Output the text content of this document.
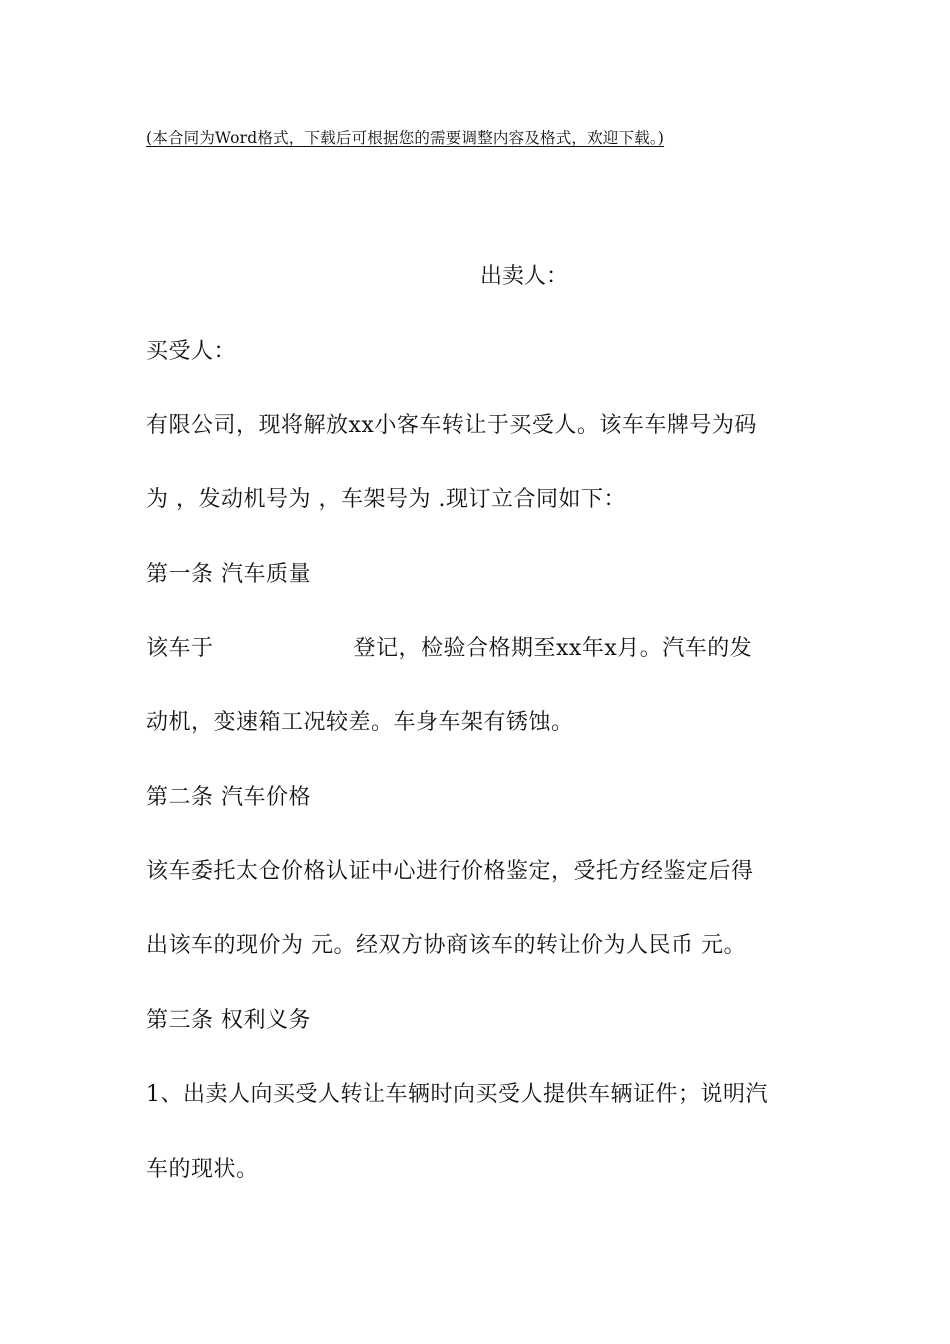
(本合同为Word格式，下载后可根据您的需要调整内容及格式，欢迎下载。)
出卖人：
买受人：
有限公司，现将解放xx小客车转让于买受人。该车车牌号为码
为 ，发动机号为 ，车架号为 .现订立合同如下：
第一条 汽车质量
该车于	登记，检验合格期至xx年x月。汽车的发
动机，变速箱工况较差。车身车架有锈蚀。
第二条 汽车价格
该车委托太仓价格认证中心进行价格鉴定，受托方经鉴定后得
出该车的现价为 元。经双方协商该车的转让价为人民币 元。
第三条 权利义务
1、出卖人向买受人转让车辆时向买受人提供车辆证件；说明汽
车的现状。
